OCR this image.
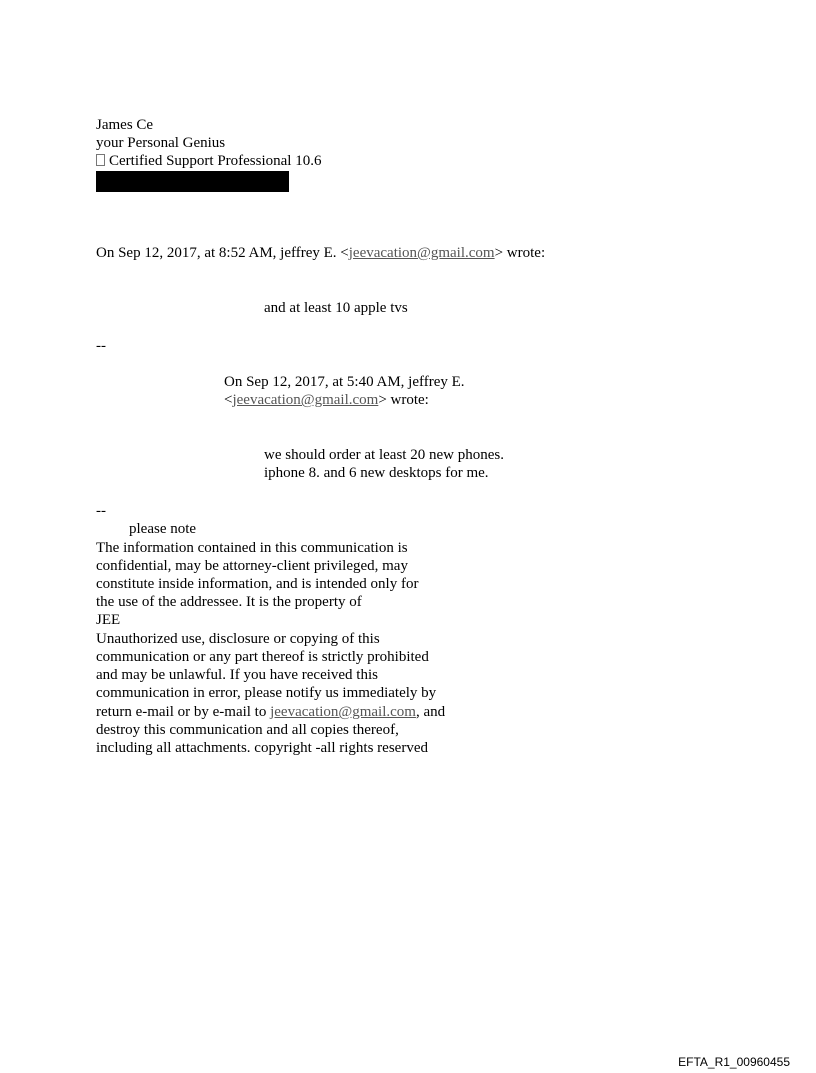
James Ce
your Personal Genius
Certified Support Professional 10.6
On Sep 12, 2017, at 8:52 AM, jeffrey E. <jeevacation@gmail.com> wrote:
and at least 10 apple tvs
--
On Sep 12, 2017, at 5:40 AM, jeffrey E.
<jeevacation@gmail.com> wrote:
we should order at least 20 new phones.
iphone 8. and 6 new desktops for me.
--
please note
The information contained in this communication is
confidential, may be attorney-client privileged, may
constitute inside information, and is intended only for
the use of the addressee. It is the property of
JEE
Unauthorized use, disclosure or copying of this
communication or any part thereof is strictly prohibited
and may be unlawful. If you have received this
communication in error, please notify us immediately by
return e-mail or by e-mail to jeevacation@gmail.com, and
destroy this communication and all copies thereof,
including all attachments. copyright -all rights reserved
EFTA_R1_00960455
